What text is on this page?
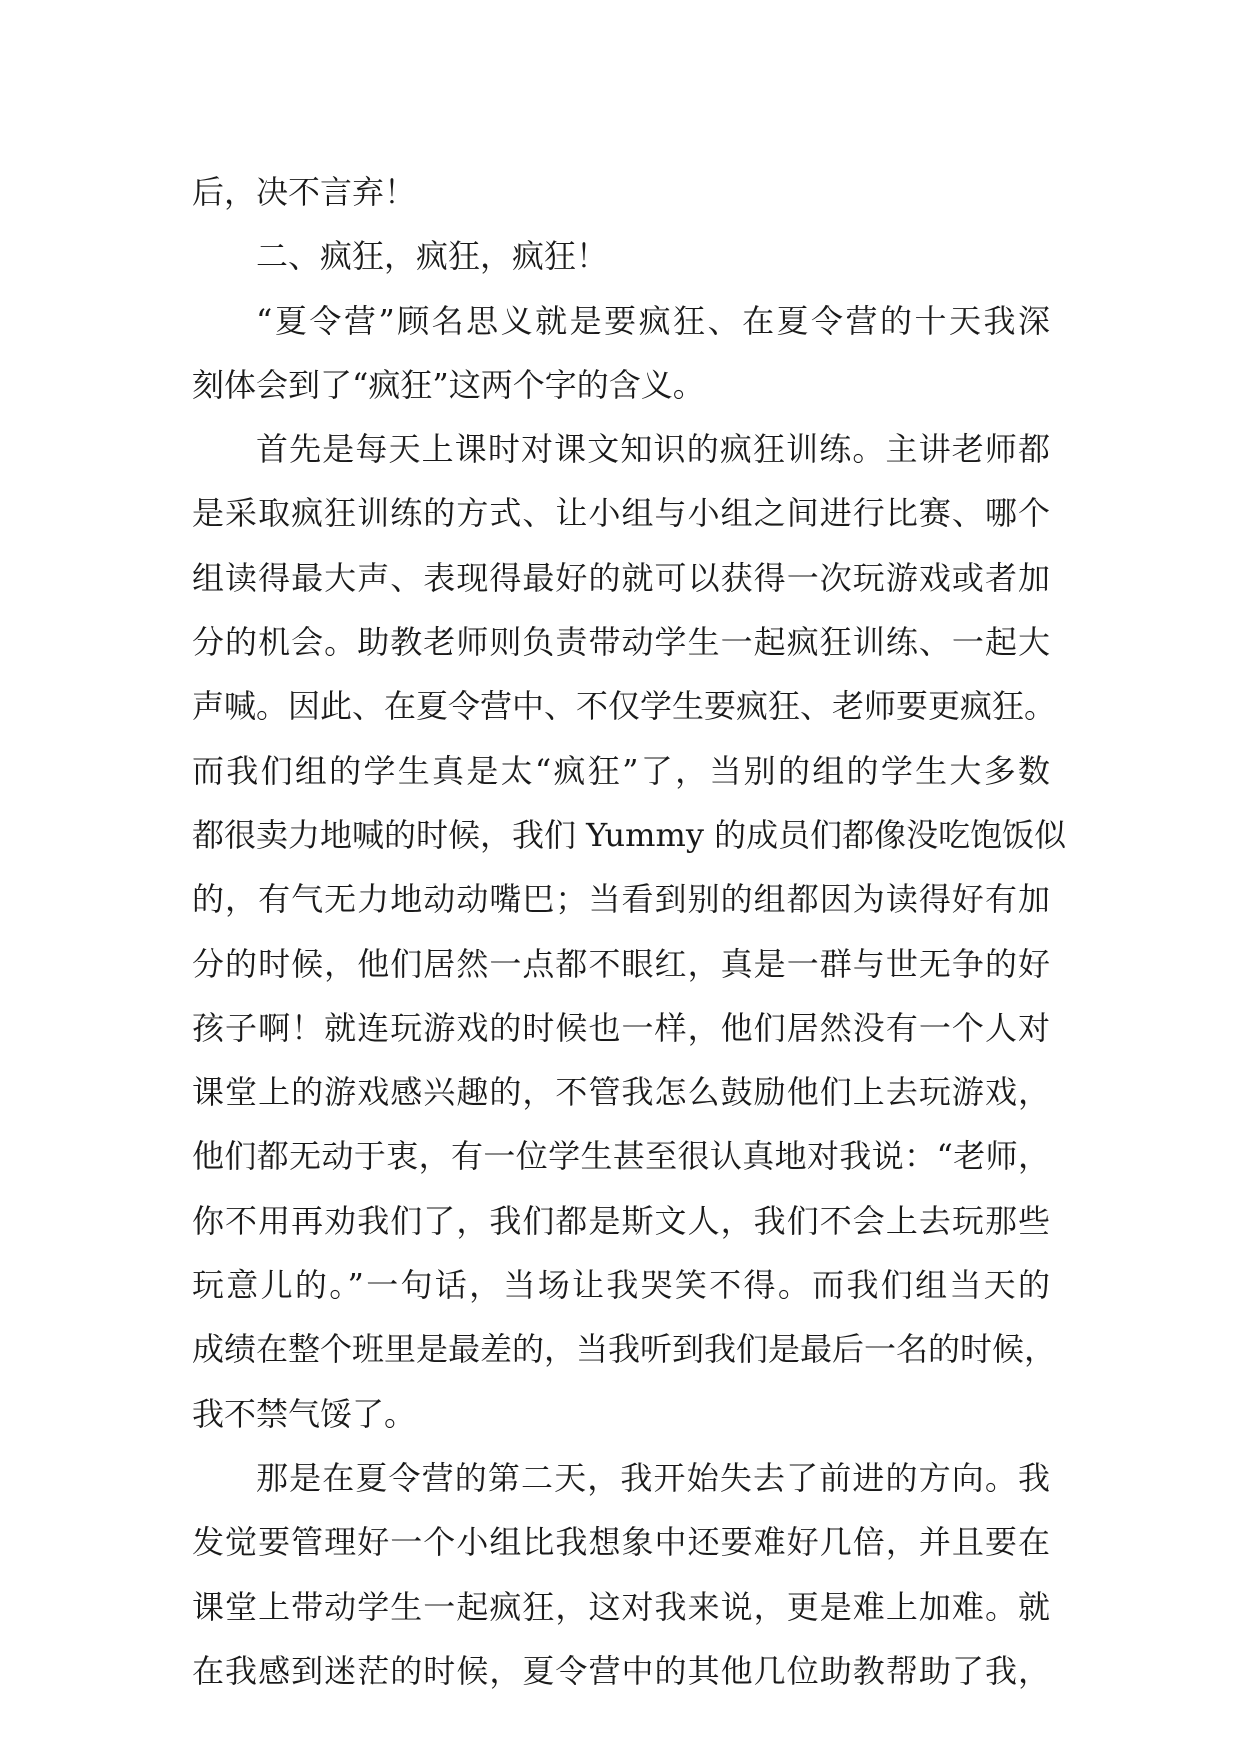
后，决不言弃！
二、疯狂，疯狂，疯狂！
“夏令营”顾名思义就是要疯狂、在夏令营的十天我深
刻体会到了“疯狂”这两个字的含义。
首先是每天上课时对课文知识的疯狂训练。主讲老师都
是采取疯狂训练的方式、让小组与小组之间进行比赛、哪个
组读得最大声、表现得最好的就可以获得一次玩游戏或者加
分的机会。助教老师则负责带动学生一起疯狂训练、一起大
声喊。因此、在夏令营中、不仅学生要疯狂、老师要更疯狂。
而我们组的学生真是太“疯狂”了，当别的组的学生大多数
都很卖力地喊的时候，我们 Yummy 的成员们都像没吃饱饭似
的，有气无力地动动嘴巴；当看到别的组都因为读得好有加
分的时候，他们居然一点都不眼红，真是一群与世无争的好
孩子啊！就连玩游戏的时候也一样，他们居然没有一个人对
课堂上的游戏感兴趣的，不管我怎么鼓励他们上去玩游戏，
他们都无动于衷，有一位学生甚至很认真地对我说：“老师，
你不用再劝我们了，我们都是斯文人，我们不会上去玩那些
玩意儿的。”一句话，当场让我哭笑不得。而我们组当天的
成绩在整个班里是最差的，当我听到我们是最后一名的时候，
我不禁气馁了。
那是在夏令营的第二天，我开始失去了前进的方向。我
发觉要管理好一个小组比我想象中还要难好几倍，并且要在
课堂上带动学生一起疯狂，这对我来说，更是难上加难。就
在我感到迷茫的时候，夏令营中的其他几位助教帮助了我，
